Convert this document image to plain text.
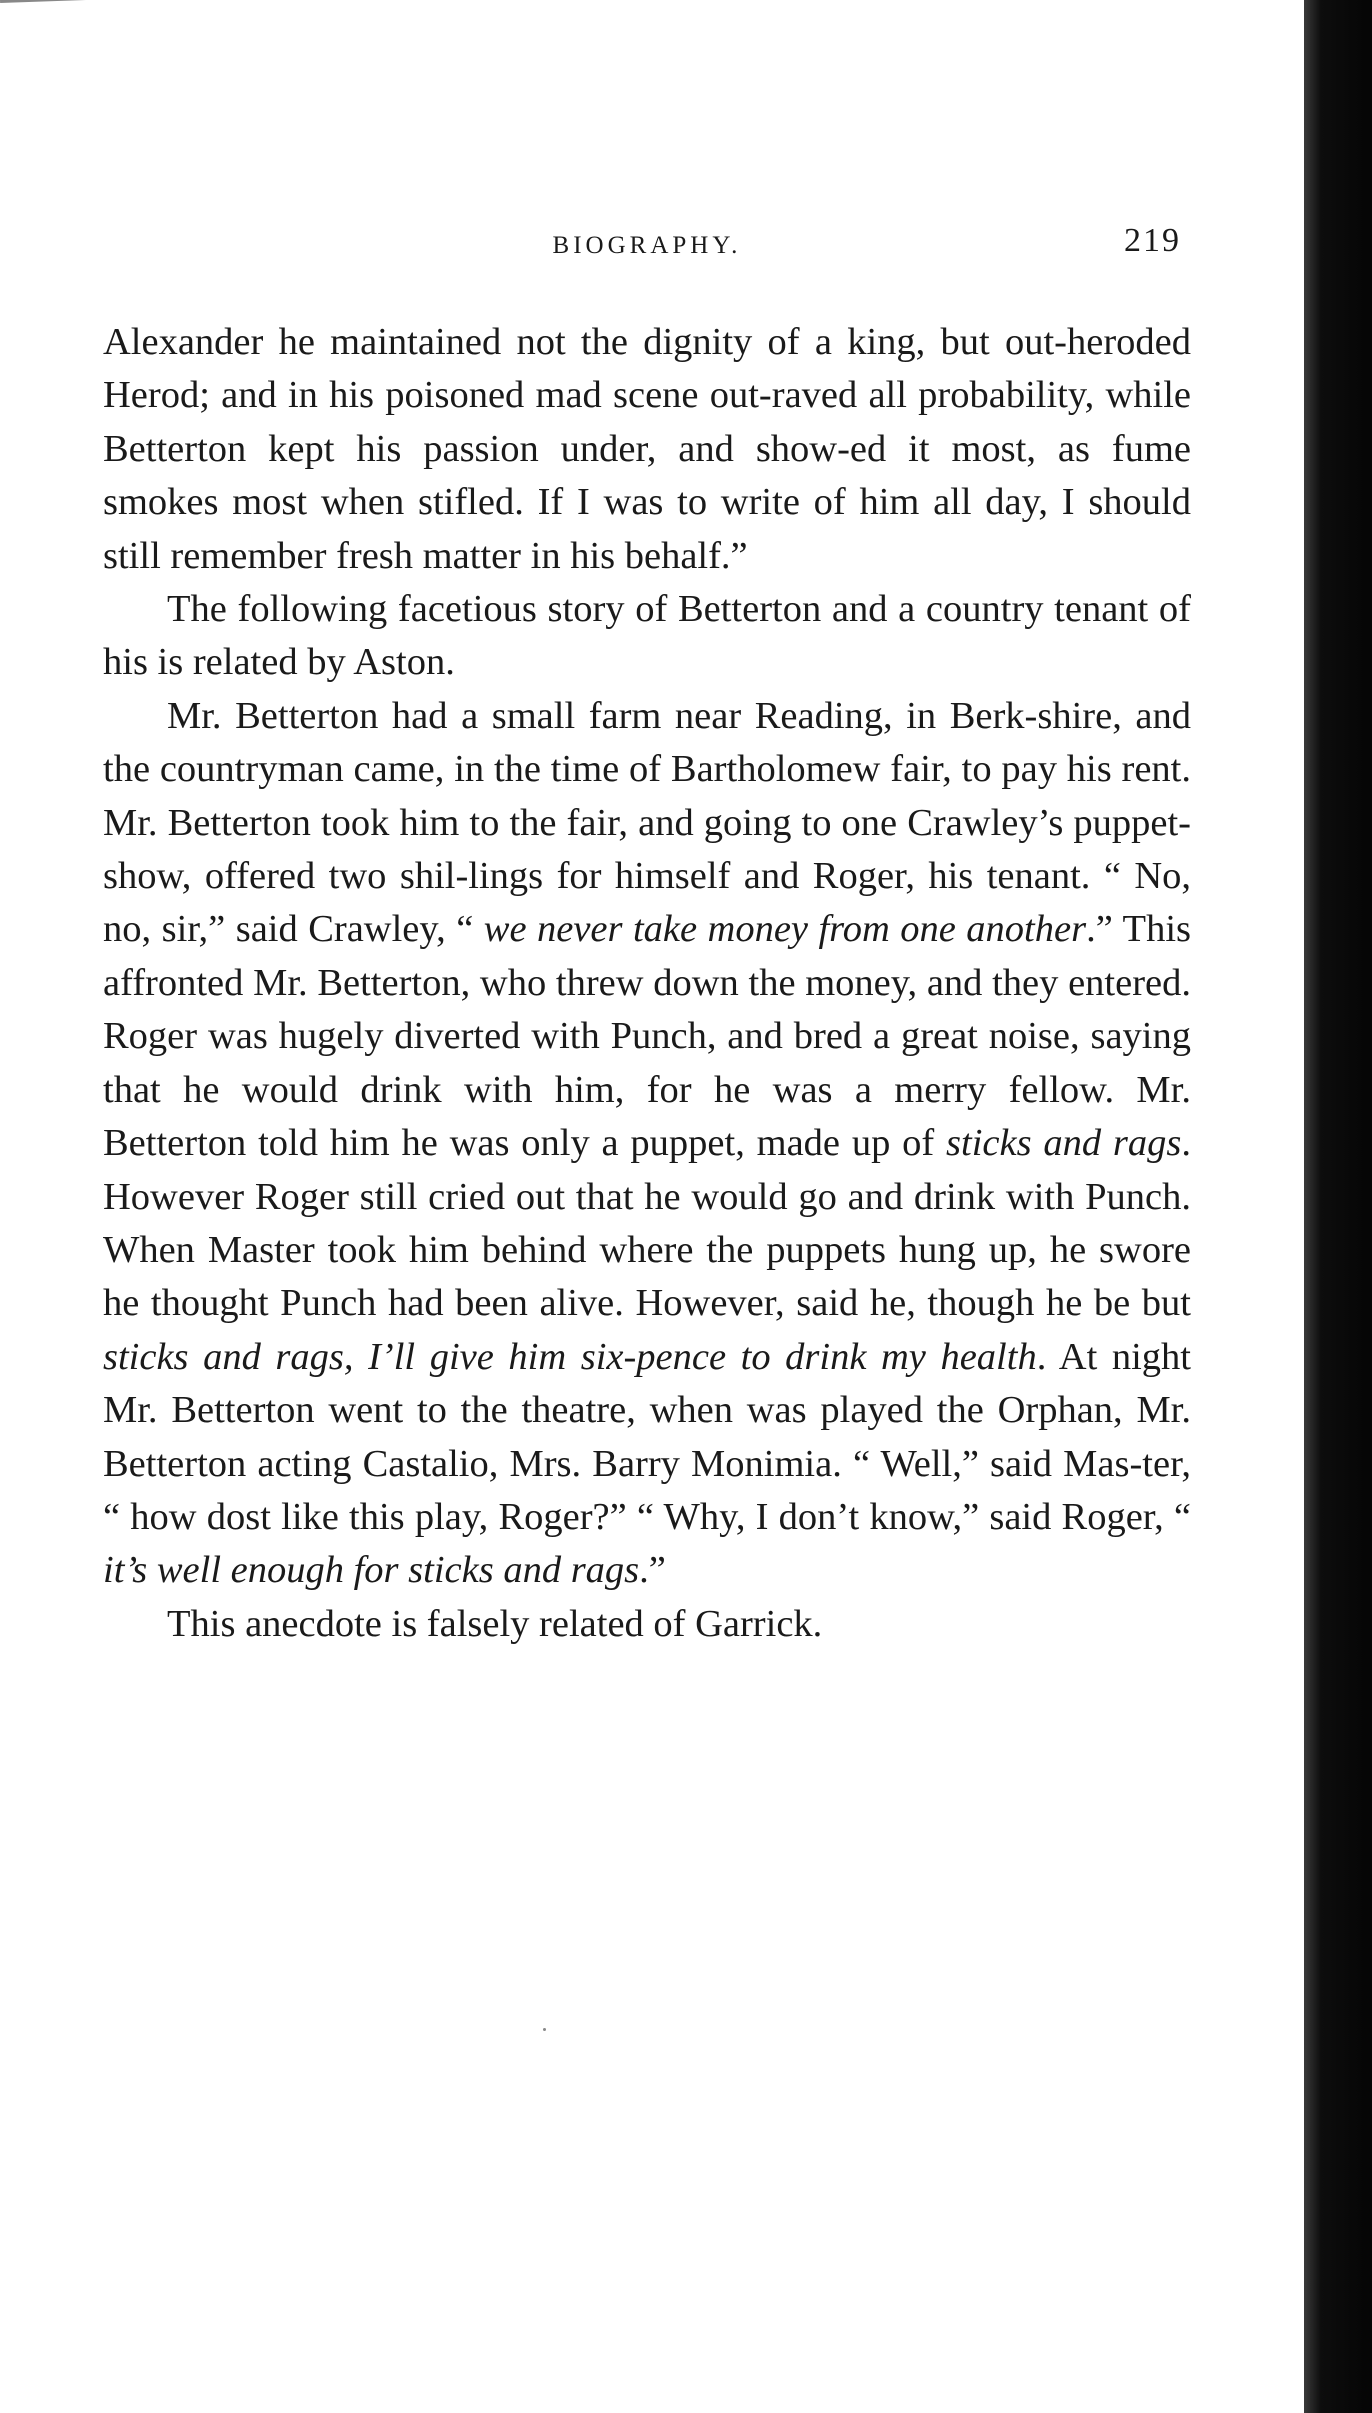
BIOGRAPHY.	219

Alexander he maintained not the dignity of a king, but out-heroded Herod; and in his poisoned mad scene out-raved all probability, while Betterton kept his passion under, and show-ed it most, as fume smokes most when stifled. If I was to write of him all day, I should still remember fresh matter in his behalf.”

The following facetious story of Betterton and a country tenant of his is related by Aston.

Mr. Betterton had a small farm near Reading, in Berk-shire, and the countryman came, in the time of Bartholomew fair, to pay his rent. Mr. Betterton took him to the fair, and going to one Crawley’s puppet-show, offered two shil-lings for himself and Roger, his tenant. “ No, no, sir,” said Crawley, “ we never take money from one another.” This affronted Mr. Betterton, who threw down the money, and they entered. Roger was hugely diverted with Punch, and bred a great noise, saying that he would drink with him, for he was a merry fellow. Mr. Betterton told him he was only a puppet, made up of sticks and rags. However Roger still cried out that he would go and drink with Punch. When Master took him behind where the puppets hung up, he swore he thought Punch had been alive. However, said he, though he be but sticks and rags, I’ll give him six-pence to drink my health. At night Mr. Betterton went to the theatre, when was played the Orphan, Mr. Betterton acting Castalio, Mrs. Barry Monimia. “ Well,” said Mas-ter, “ how dost like this play, Roger?” “ Why, I don’t know,” said Roger, “ it’s well enough for sticks and rags.”

This anecdote is falsely related of Garrick.
